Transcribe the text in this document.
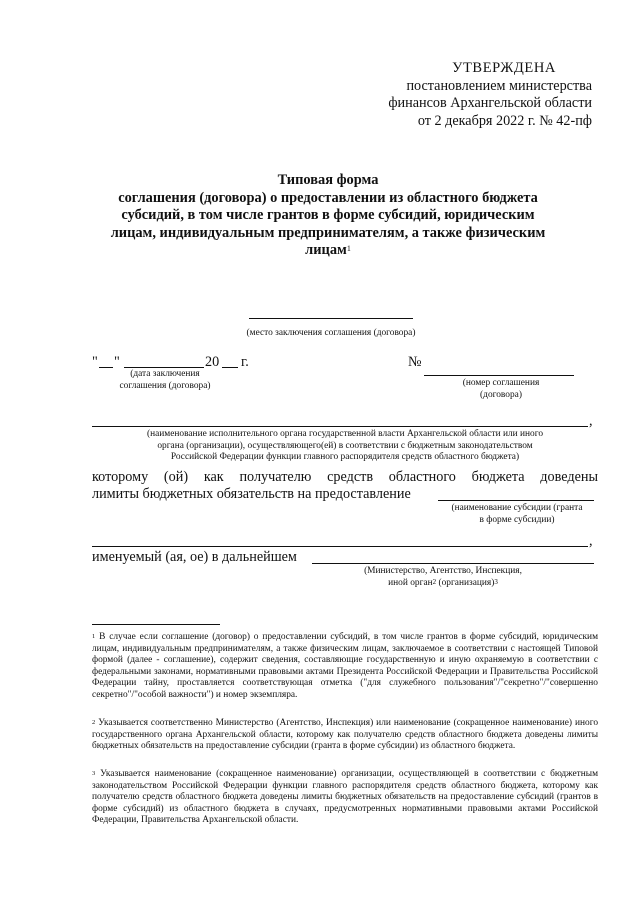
УТВЕРЖДЕНА
постановлением министерства
финансов Архангельской области
от 2 декабря 2022 г. № 42-пф
Типовая форма
соглашения (договора) о предоставлении из областного бюджета
субсидий, в том числе грантов в форме субсидий, юридическим
лицам, индивидуальным предпринимателям, а также физическим
лицам$^1$
(место заключения соглашения (договора)
" "	20 г.
(дата заключения
соглашения (договора)
№
(номер соглашения
(договора)
,
(наименование исполнительного органа государственной власти Архангельской области или иного
органа (организации), осуществляющего(ей) в соответствии с бюджетным законодательством
Российской Федерации функции главного распорядителя средств областного бюджета)
которому (ой) как получателю средств областного бюджета доведены
лимиты бюджетных обязательств на предоставление
(наименование субсидии (гранта
в форме субсидии)
,
именуемый (ая, ое) в дальнейшем
(Министерство, Агентство, Инспекция,
иной орган$^2$ (организация)$^3$
$^1$ В случае если соглашение (договор) о предоставлении субсидий, в том числе грантов в форме субсидий, юридическим лицам, индивидуальным предпринимателям, а также физическим лицам, заключаемое в соответствии с настоящей Типовой формой (далее - соглашение), содержит сведения, составляющие государственную и иную охраняемую в соответствии с федеральными законами, нормативными правовыми актами Президента Российской Федерации и Правительства Российской Федерации тайну, проставляется соответствующая отметка ("для служебного пользования"/"секретно"/"совершенно секретно"/"особой важности") и номер экземпляра.
$^2$ Указывается соответственно Министерство (Агентство, Инспекция) или наименование (сокращенное наименование) иного государственного органа Архангельской области, которому как получателю средств областного бюджета доведены лимиты бюджетных обязательств на предоставление субсидии (гранта в форме субсидии) из областного бюджета.
$^3$ Указывается наименование (сокращенное наименование) организации, осуществляющей в соответствии с бюджетным законодательством Российской Федерации функции главного распорядителя средств областного бюджета, которому как получателю средств областного бюджета доведены лимиты бюджетных обязательств на предоставление субсидий (грантов в форме субсидий) из областного бюджета в случаях, предусмотренных нормативными правовыми актами Российской Федерации, Правительства Архангельской области.
